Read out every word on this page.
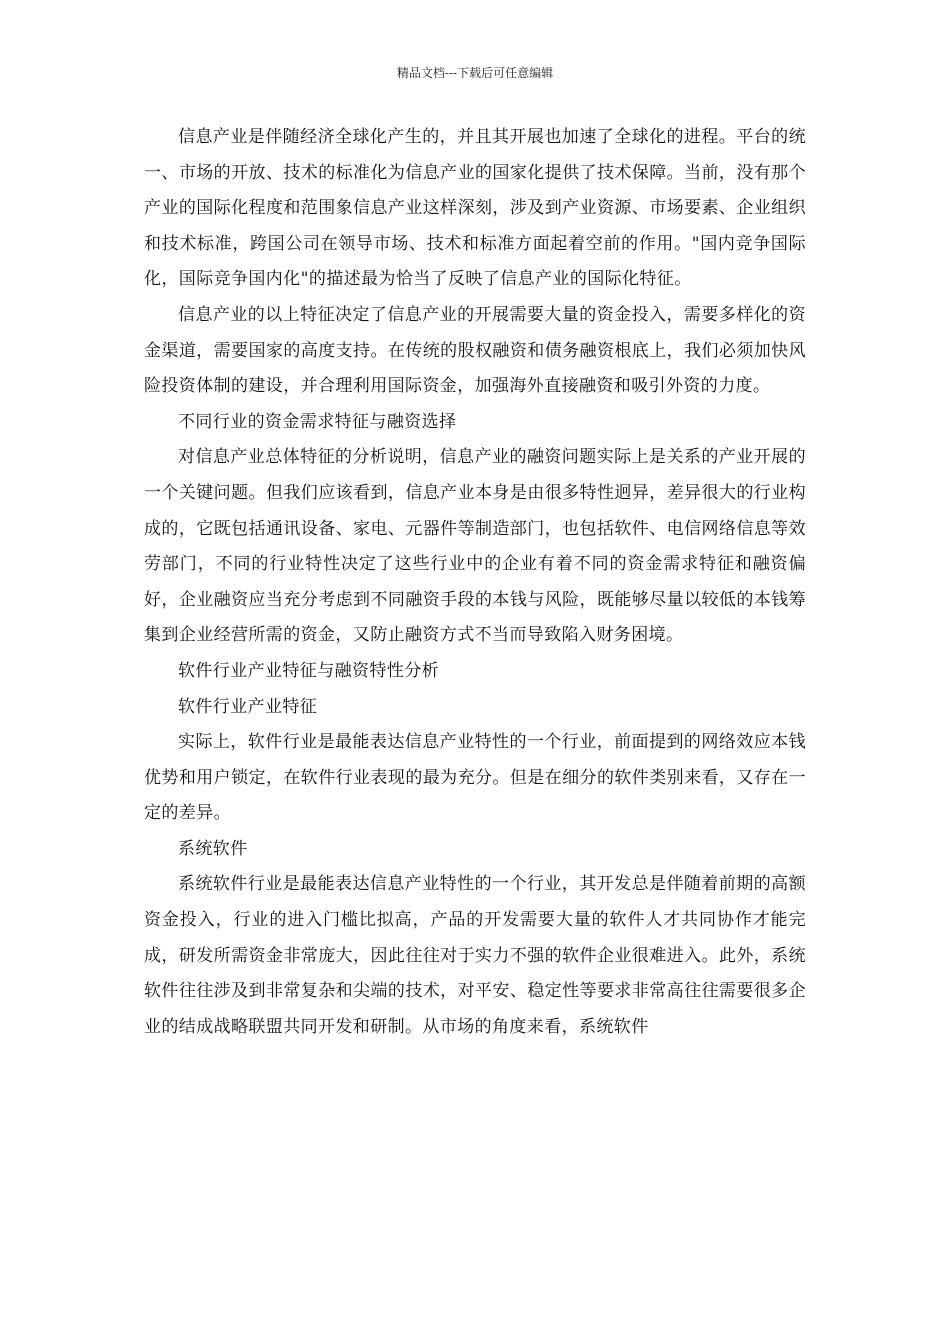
精品文档---下载后可任意编辑

信息产业是伴随经济全球化产生的，并且其开展也加速了全球化的进程。平台的统一、市场的开放、技术的标准化为信息产业的国家化提供了技术保障。当前，没有那个产业的国际化程度和范围象信息产业这样深刻，涉及到产业资源、市场要素、企业组织和技术标准，跨国公司在领导市场、技术和标准方面起着空前的作用。"国内竞争国际化，国际竞争国内化"的描述最为恰当了反映了信息产业的国际化特征。

信息产业的以上特征决定了信息产业的开展需要大量的资金投入，需要多样化的资金渠道，需要国家的高度支持。在传统的股权融资和债务融资根底上，我们必须加快风险投资体制的建设，并合理利用国际资金，加强海外直接融资和吸引外资的力度。

不同行业的资金需求特征与融资选择

对信息产业总体特征的分析说明，信息产业的融资问题实际上是关系的产业开展的一个关键问题。但我们应该看到，信息产业本身是由很多特性迥异，差异很大的行业构成的，它既包括通讯设备、家电、元器件等制造部门，也包括软件、电信网络信息等效劳部门，不同的行业特性决定了这些行业中的企业有着不同的资金需求特征和融资偏好，企业融资应当充分考虑到不同融资手段的本钱与风险，既能够尽量以较低的本钱筹集到企业经营所需的资金，又防止融资方式不当而导致陷入财务困境。

软件行业产业特征与融资特性分析

软件行业产业特征

实际上，软件行业是最能表达信息产业特性的一个行业，前面提到的网络效应本钱优势和用户锁定，在软件行业表现的最为充分。但是在细分的软件类别来看，又存在一定的差异。

系统软件

系统软件行业是最能表达信息产业特性的一个行业，其开发总是伴随着前期的高额资金投入，行业的进入门槛比拟高，产品的开发需要大量的软件人才共同协作才能完成，研发所需资金非常庞大，因此往往对于实力不强的软件企业很难进入。此外，系统软件往往涉及到非常复杂和尖端的技术，对平安、稳定性等要求非常高往往需要很多企业的结成战略联盟共同开发和研制。从市场的角度来看，系统软件
